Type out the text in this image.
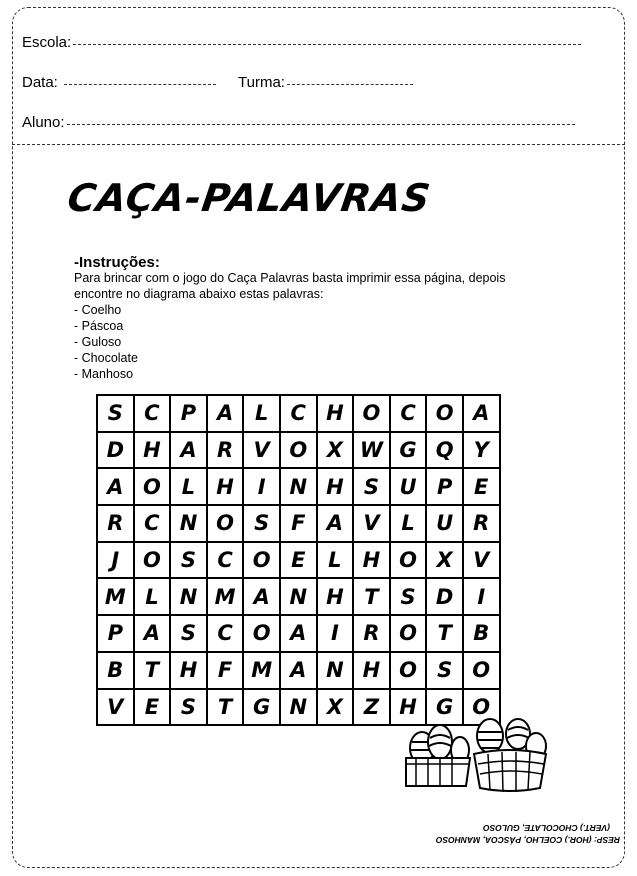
Escola:
Data:	Turma:
Aluno:
CAÇA-PALAVRAS
-Instruções:
Para brincar com o jogo do Caça Palavras basta imprimir essa página, depois encontre no diagrama abaixo estas palavras:
- Coelho
- Páscoa
- Guloso
- Chocolate
- Manhoso
S	C	P A	L	C H O C O A
D H A R V O X W G Q Y
A O L	H	I	N H S U P	E
R C N O S	F	A V	L	U R
J	O S	C O E	L	H O X V
M L	N M A N H T	S D	I
P A S	C O A	I	R O T	B
B	T H F M A N H O S O
V	E	S	T G N X Z H G O
RESP: (HOR.) COELHO, PÁSCOA, MANHOSO
(VERT.) CHOCOLATE, GULOSO
